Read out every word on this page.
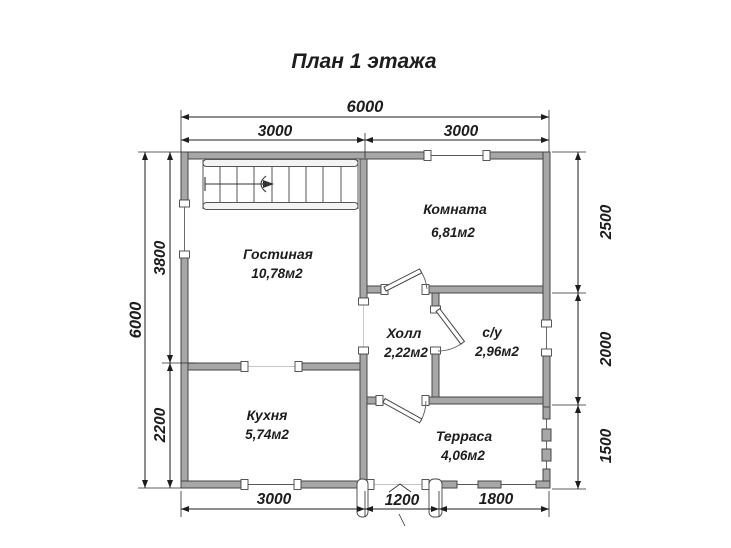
6000
3000	3000
6000
3800
2200
2500
2000
1500
3000	1200	1800
Гостиная
10,78м2
Комната
6,81м2
Холл
2,22м2
с/у
2,96м2
Кухня
5,74м2	Терраса
4,06м2
План 1 этажа
